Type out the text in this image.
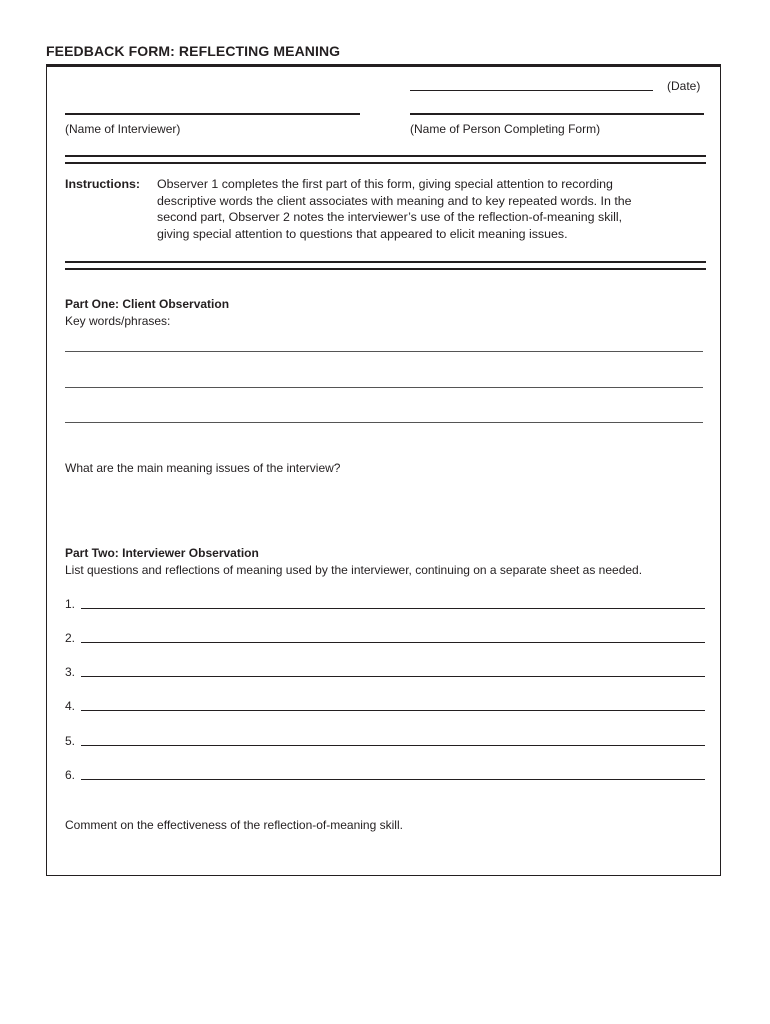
FEEDBACK FORM: REFLECTING MEANING
(Date)
(Name of Interviewer)	(Name of Person Completing Form)
Instructions: Observer 1 completes the first part of this form, giving special attention to recording
descriptive words the client associates with meaning and to key repeated words. In the
second part, Observer 2 notes the interviewer’s use of the reflection-of-meaning skill,
giving special attention to questions that appeared to elicit meaning issues.
Part One: Client Observation
Key words/phrases:
What are the main meaning issues of the interview?
Part Two: Interviewer Observation
List questions and reflections of meaning used by the interviewer, continuing on a separate sheet as needed.
1.
2.
3.
4.
5.
6.
Comment on the effectiveness of the reflection-of-meaning skill.
